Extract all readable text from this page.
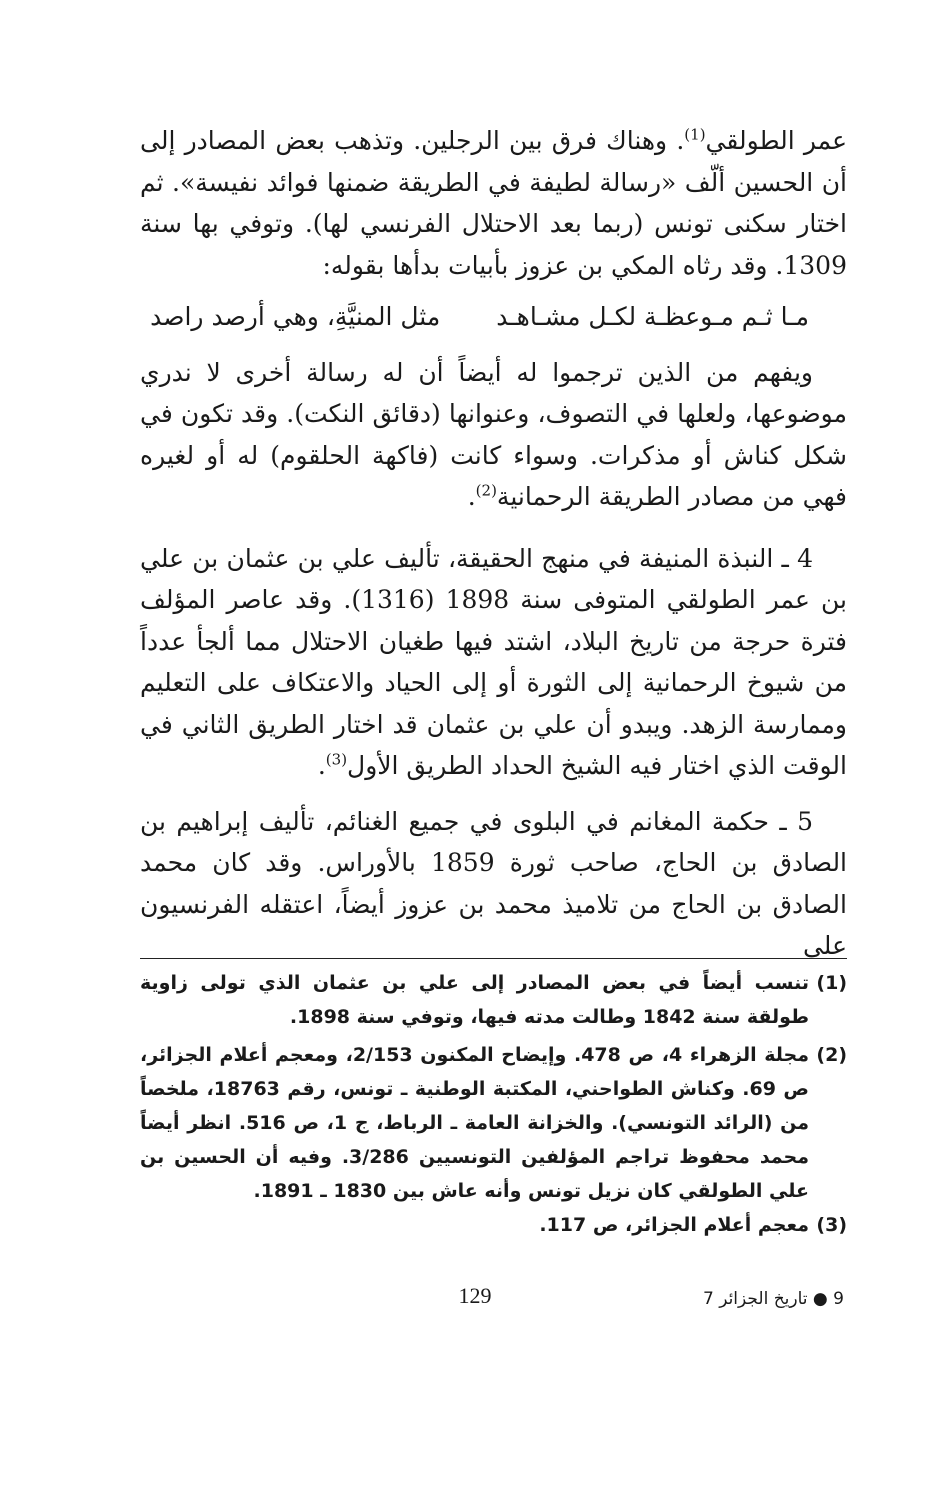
عمر الطولقي$^{(1)}$. وهناك فرق بين الرجلين. وتذهب بعض المصادر إلى أن الحسين ألّف «رسالة لطيفة في الطريقة ضمنها فوائد نفيسة». ثم اختار سكنى تونس (ربما بعد الاحتلال الفرنسي لها). وتوفي بها سنة 1309. وقد رثاه المكي بن عزوز بأبيات بدأها بقوله:

مـا ثـم مـوعظـة لكـل مشـاهـد
مثل المنيَّةِ، وهي أرصد راصد

ويفهم من الذين ترجموا له أيضاً أن له رسالة أخرى لا ندري موضوعها، ولعلها في التصوف، وعنوانها (دقائق النكت). وقد تكون في شكل كناش أو مذكرات. وسواء كانت (فاكهة الحلقوم) له أو لغيره فهي من مصادر الطريقة الرحمانية$^{(2)}$.

4 ـ النبذة المنيفة في منهج الحقيقة، تأليف علي بن عثمان بن علي بن عمر الطولقي المتوفى سنة 1898 (1316). وقد عاصر المؤلف فترة حرجة من تاريخ البلاد، اشتد فيها طغيان الاحتلال مما ألجأ عدداً من شيوخ الرحمانية إلى الثورة أو إلى الحياد والاعتكاف على التعليم وممارسة الزهد. ويبدو أن علي بن عثمان قد اختار الطريق الثاني في الوقت الذي اختار فيه الشيخ الحداد الطريق الأول$^{(3)}$.

5 ـ حكمة المغانم في البلوى في جميع الغنائم، تأليف إبراهيم بن الصادق بن الحاج، صاحب ثورة 1859 بالأوراس. وقد كان محمد الصادق بن الحاج من تلاميذ محمد بن عزوز أيضاً، اعتقله الفرنسيون على

(1)
تنسب أيضاً في بعض المصادر إلى علي بن عثمان الذي تولى زاوية طولقة سنة 1842 وطالت مدته فيها، وتوفي سنة 1898.
(2)
مجلة الزهراء 4، ص 478. وإيضاح المكنون 2/153، ومعجم أعلام الجزائر، ص 69. وكناش الطواحني، المكتبة الوطنية ـ تونس، رقم 18763، ملخصاً من (الرائد التونسي). والخزانة العامة ـ الرباط، ج 1، ص 516. انظر أيضاً محمد محفوظ تراجم المؤلفين التونسيين 3/286. وفيه أن الحسين بن علي الطولقي كان نزيل تونس وأنه عاش بين 1830 ـ 1891.
(3)
معجم أعلام الجزائر، ص 117.
129	9 ● تاريخ الجزائر 7
